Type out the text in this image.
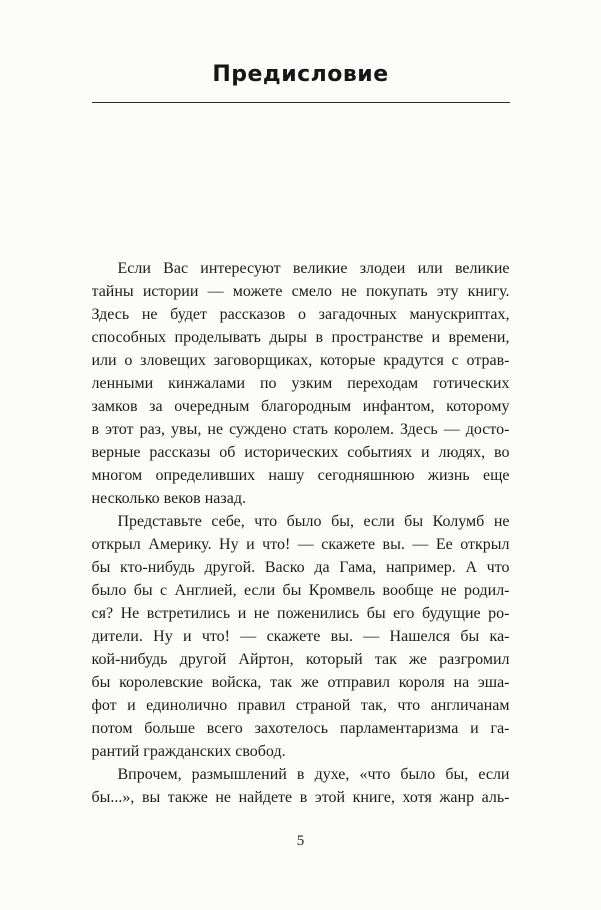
Предисловие
Если Вас интересуют великие злодеи или великие
тайны истории — можете смело не покупать эту книгу.
Здесь не будет рассказов о загадочных манускриптах,
способных проделывать дыры в пространстве и времени,
или о зловещих заговорщиках, которые крадутся с отрав-
ленными кинжалами по узким переходам готических
замков за очередным благородным инфантом, которому
в этот раз, увы, не суждено стать королем. Здесь — досто-
верные рассказы об исторических событиях и людях, во
многом определивших нашу сегодняшнюю жизнь еще
несколько веков назад.
Представьте себе, что было бы, если бы Колумб не
открыл Америку. Ну и что! — скажете вы. — Ее открыл
бы кто-нибудь другой. Васко да Гама, например. А что
было бы с Англией, если бы Кромвель вообще не родил-
ся? Не встретились и не поженились бы его будущие ро-
дители. Ну и что! — скажете вы. — Нашелся бы ка-
кой-нибудь другой Айртон, который так же разгромил
бы королевские войска, так же отправил короля на эша-
фот и единолично правил страной так, что англичанам
потом больше всего захотелось парламентаризма и га-
рантий гражданских свобод.
Впрочем, размышлений в духе, «что было бы, если
бы...», вы также не найдете в этой книге, хотя жанр аль-
5
